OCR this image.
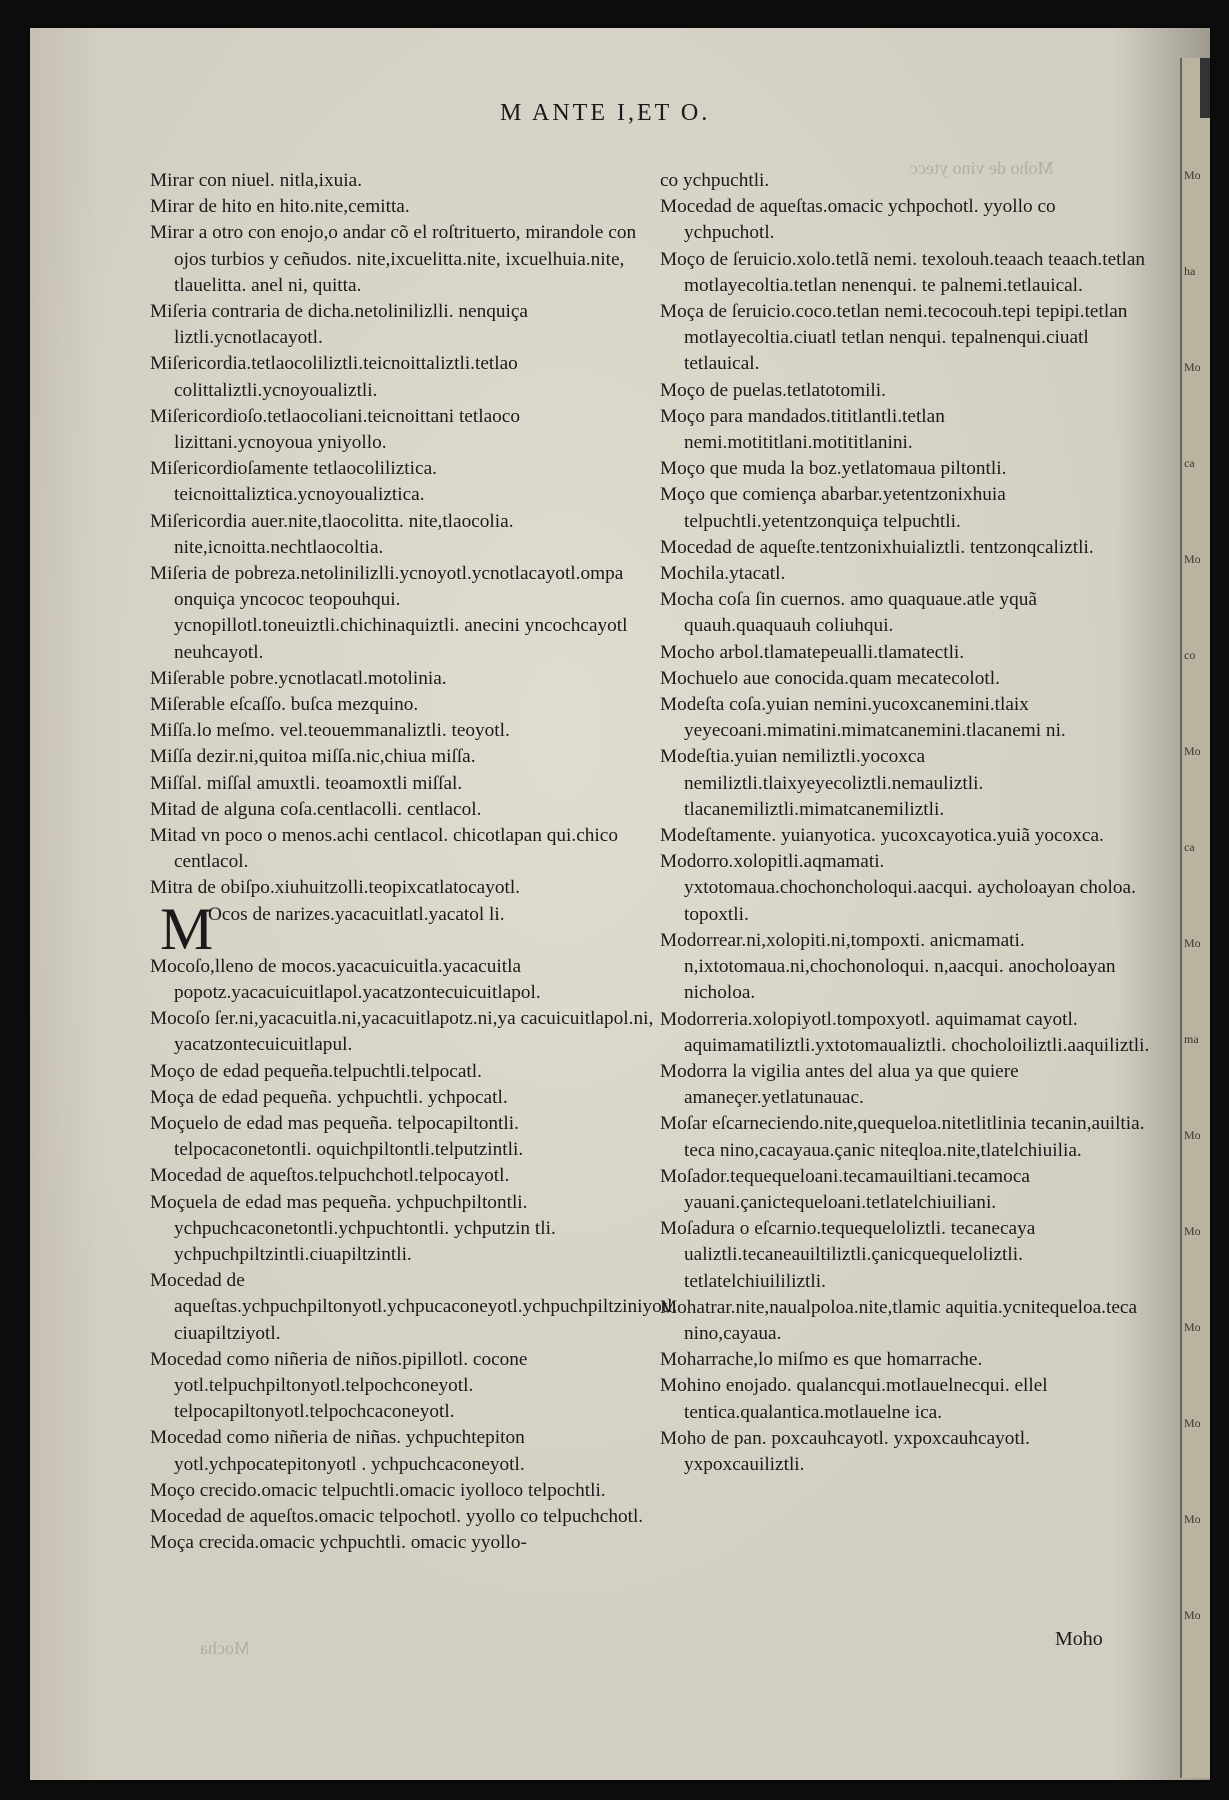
Moho de vino ytecc
Mocha
M ANTE I,ET O.

Mirar con niuel. nitla,ixuia.

Mirar de hito en hito.nite,cemitta.

Mirar a otro con enojo,o andar cõ el roſtrituerto, mirandole con ojos turbios y ceñudos. nite,ixcuelitta.nite, ixcuelhuia.nite, tlauelitta. anel ni, quitta.

Miſeria contraria de dicha.netolinilizlli. nenquiça liztli.ycnotlacayotl.

Miſericordia.tetlaocoliliztli.teicnoittaliztli.tetlao colittaliztli.ycnoyoualiztli.

Miſericordioſo.tetlaocoliani.teicnoittani tetlaoco lizittani.ycnoyoua yniyollo.

Miſericordioſamente tetlaocoliliztica. teicnoittaliztica.ycnoyoualiztica.

Miſericordia auer.nite,tlaocolitta. nite,tlaocolia. nite,icnoitta.nechtlaocoltia.

Miſeria de pobreza.netolinilizlli.ycnoyotl.ycnotlacayotl.ompa onquiça yncococ teopouhqui. ycnopillotl.toneuiztli.chichinaquiztli. anecini yncochcayotl neuhcayotl.

Miſerable pobre.ycnotlacatl.motolinia.

Miſerable eſcaſſo. buſca mezquino.

Miſſa.lo meſmo. vel.teouemmanaliztli. teoyotl.

Miſſa dezir.ni,quitoa miſſa.nic,chiua miſſa.

Miſſal. miſſal amuxtli. teoamoxtli miſſal.

Mitad de alguna coſa.centlacolli. centlacol.

Mitad vn poco o menos.achi centlacol. chicotlapan qui.chico centlacol.

Mitra de obiſpo.xiuhuitzolli.teopixcatlatocayotl.

M
Ocos de narizes.yacacuitlatl.yacatol li.

Mocoſo,lleno de mocos.yacacuicuitla.yacacuitla popotz.yacacuicuitlapol.yacatzontecuicuitlapol.

Mocoſo ſer.ni,yacacuitla.ni,yacacuitlapotz.ni,ya cacuicuitlapol.ni, yacatzontecuicuitlapul.

Moço de edad pequeña.telpuchtli.telpocatl.

Moça de edad pequeña. ychpuchtli. ychpocatl.

Moçuelo de edad mas pequeña. telpocapiltontli. telpocaconetontli. oquichpiltontli.telputzintli.

Mocedad de aqueſtos.telpuchchotl.telpocayotl.

Moçuela de edad mas pequeña. ychpuchpiltontli. ychpuchcaconetontli.ychpuchtontli. ychputzin tli. ychpuchpiltzintli.ciuapiltzintli.

Mocedad de aqueſtas.ychpuchpiltonyotl.ychpucaconeyotl.ychpuchpiltziniyotl. ciuapiltziyotl.

Mocedad como niñeria de niños.pipillotl. cocone yotl.telpuchpiltonyotl.telpochconeyotl. telpocapiltonyotl.telpochcaconeyotl.

Mocedad como niñeria de niñas. ychpuchtepiton yotl.ychpocatepitonyotl . ychpuchcaconeyotl.

Moço crecido.omacic telpuchtli.omacic iyolloco telpochtli.

Mocedad de aqueſtos.omacic telpochotl. yyollo co telpuchchotl.

Moça crecida.omacic ychpuchtli. omacic yyollo-

co ychpuchtli.

Mocedad de aqueſtas.omacic ychpochotl. yyollo co ychpuchotl.

Moço de ſeruicio.xolo.tetlã nemi. texolouh.teaach teaach.tetlan motlayecoltia.tetlan nenenqui. te palnemi.tetlauical.

Moça de ſeruicio.coco.tetlan nemi.tecocouh.tepi tepipi.tetlan motlayecoltia.ciuatl tetlan nenqui. tepalnenqui.ciuatl tetlauical.

Moço de puelas.tetlatotomili.

Moço para mandados.tititlantli.tetlan nemi.motititlani.motititlanini.

Moço que muda la boz.yetlatomaua piltontli.

Moço que comiença abarbar.yetentzonixhuia telpuchtli.yetentzonquiça telpuchtli.

Mocedad de aqueſte.tentzonixhuializtli. tentzonqcaliztli.

Mochila.ytacatl.

Mocha coſa ſin cuernos. amo quaquaue.atle yquã quauh.quaquauh coliuhqui.

Mocho arbol.tlamatepeualli.tlamatectli.

Mochuelo aue conocida.quam mecatecolotl.

Modeſta coſa.yuian nemini.yucoxcanemini.tlaix yeyecoani.mimatini.mimatcanemini.tlacanemi ni.

Modeſtia.yuian nemiliztli.yocoxca nemiliztli.tlaixyeyecoliztli.nemauliztli. tlacanemiliztli.mimatcanemiliztli.

Modeſtamente. yuianyotica. yucoxcayotica.yuiã yocoxca.

Modorro.xolopitli.aqmamati. yxtotomaua.chochoncholoqui.aacqui. aycholoayan choloa. topoxtli.

Modorrear.ni,xolopiti.ni,tompoxti. anicmamati. n,ixtotomaua.ni,chochonoloqui. n,aacqui. anocholoayan nicholoa.

Modorreria.xolopiyotl.tompoxyotl. aquimamat cayotl. aquimamatiliztli.yxtotomaualiztli. chocholoiliztli.aaquiliztli.

Modorra la vigilia antes del alua ya que quiere amaneçer.yetlatunauac.

Moſar eſcarneciendo.nite,quequeloa.nitetlitlinia tecanin,auiltia. teca nino,cacayaua.çanic niteqloa.nite,tlatelchiuilia.

Moſador.tequequeloani.tecamauiltiani.tecamoca yauani.çanictequeloani.tetlatelchiuiliani.

Moſadura o eſcarnio.tequequeloliztli. tecanecaya ualiztli.tecaneauiltiliztli.çanicquequeloliztli. tetlatelchiuililiztli.

Mohatrar.nite,naualpoloa.nite,tlamic aquitia.ycnitequeloa.teca nino,cayaua.

Moharrache,lo miſmo es que homarrache.

Mohino enojado. qualancqui.motlauelnecqui. ellel tentica.qualantica.motlauelne ica.

Moho de pan. poxcauhcayotl. yxpoxcauhcayotl. yxpoxcauiliztli.

Moho
Mo
ha
Mo
ca
Mo
co
Mo
ca
Mo
ma
Mo
Mo
Mo
Mo
Mo
Mo
